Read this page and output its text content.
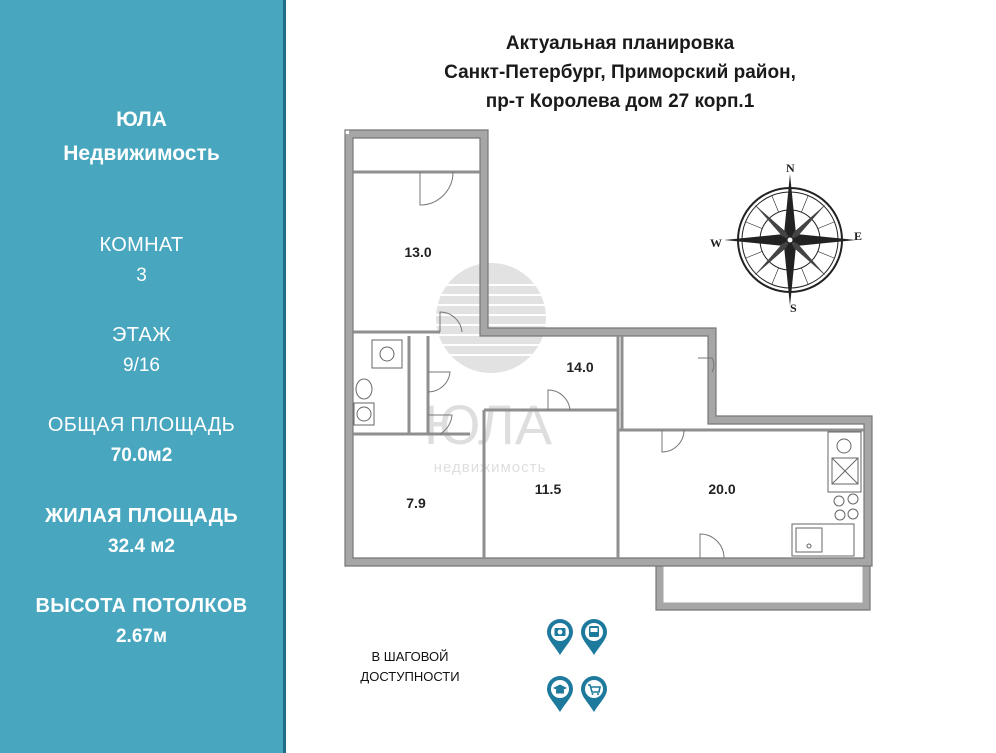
ЮЛА
Недвижимость
КОМНАТ
3
ЭТАЖ
9/16
ОБЩАЯ ПЛОЩАДЬ
70.0м2
ЖИЛАЯ ПЛОЩАДЬ
32.4 м2
ВЫСОТА ПОТОЛКОВ
2.67м
Актуальная планировка
Санкт-Петербург, Приморский район,
пр-т Королева дом 27 корп.1
ЮЛА
недвижимость
13.0
14.0
7.9
11.5	20.0
N
E
S
W
В ШАГОВОЙ
ДОСТУПНОСТИ
